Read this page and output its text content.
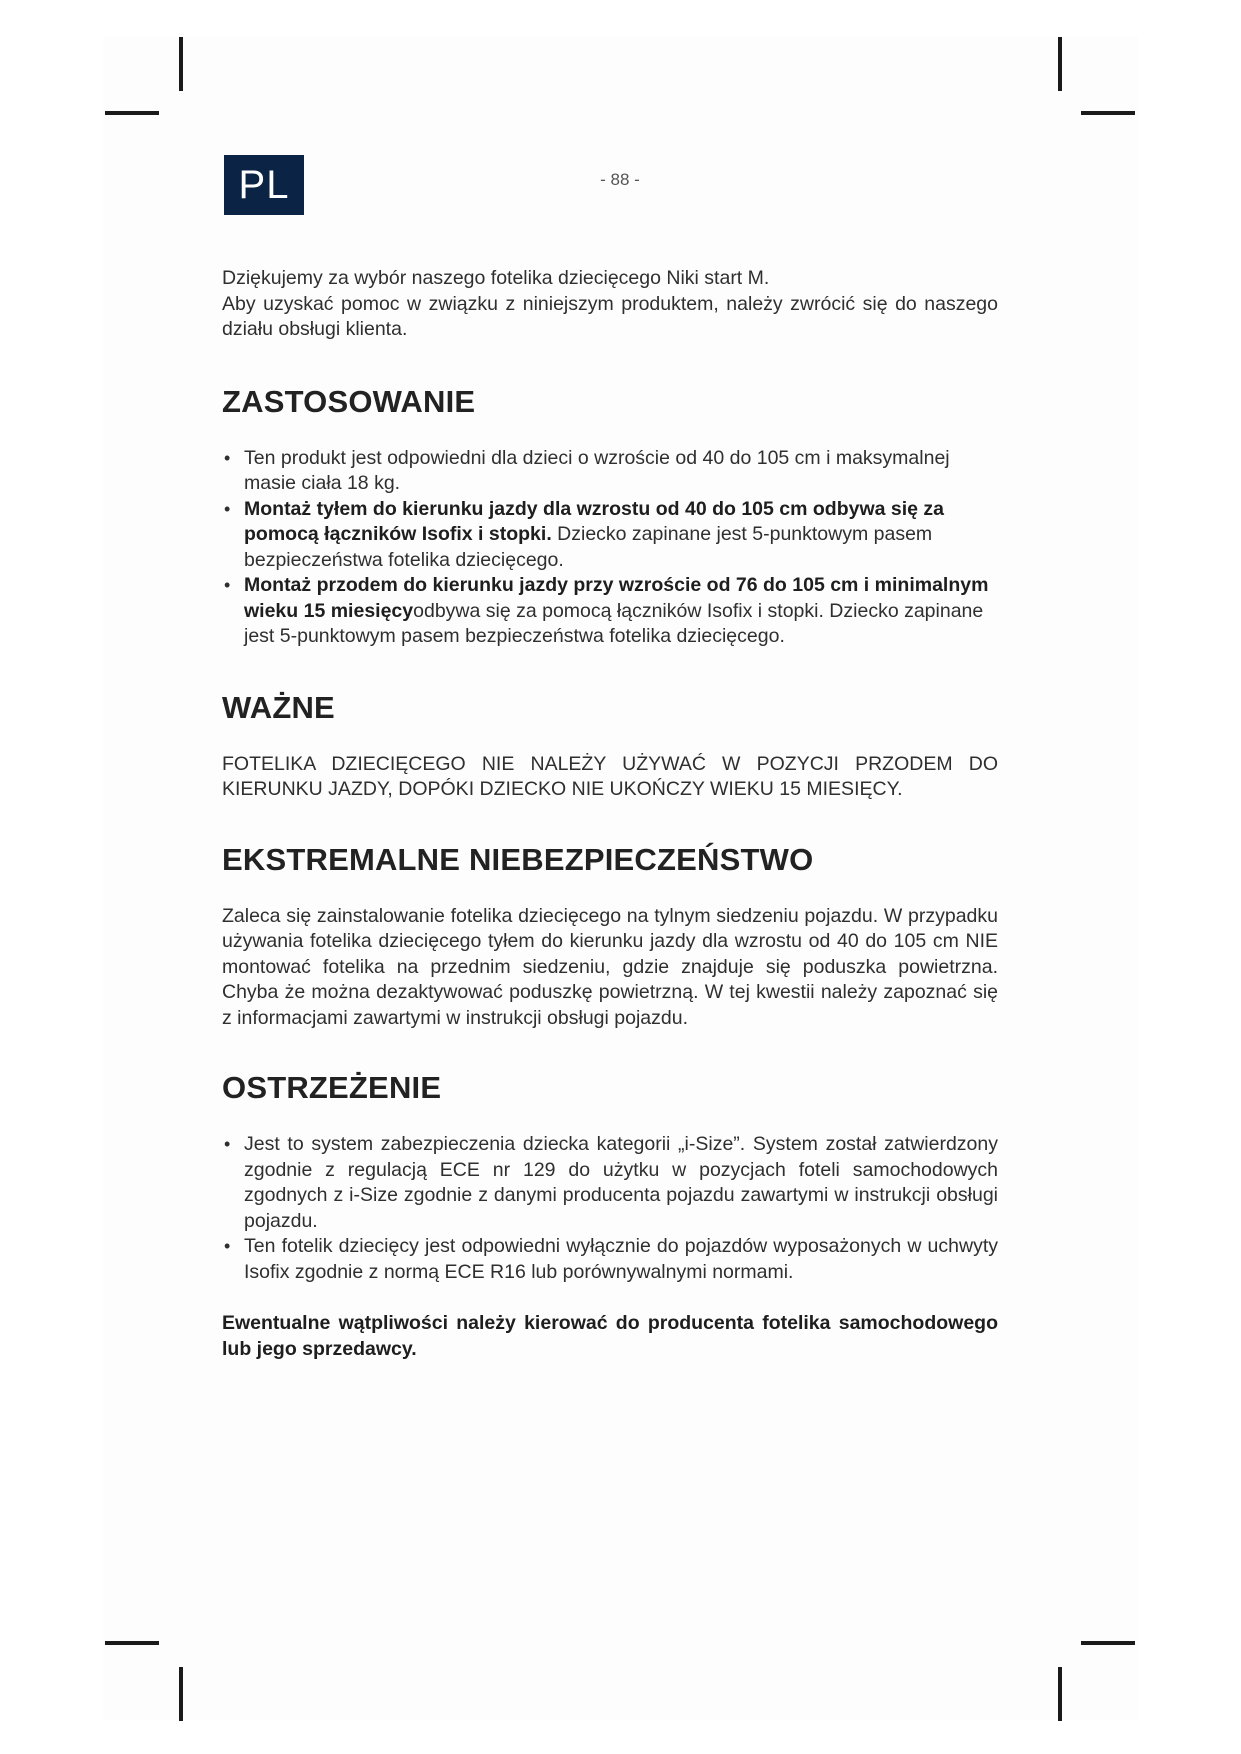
PL	- 88 -

Dziękujemy za wybór naszego fotelika dziecięcego Niki start M.

Aby uzyskać pomoc w związku z niniejszym produktem, należy zwrócić się do naszego działu obsługi klienta.

ZASTOSOWANIE
• Ten produkt jest odpowiedni dla dzieci o wzroście od 40 do 105 cm i maksymalnej masie ciała 18 kg.
• Montaż tyłem do kierunku jazdy dla wzrostu od 40 do 105 cm odbywa się za pomocą łączników Isofix i stopki. Dziecko zapinane jest 5-punktowym pasem bezpieczeństwa fotelika dziecięcego.
• Montaż przodem do kierunku jazdy przy wzroście od 76 do 105 cm i minimalnym wieku 15 miesięcyodbywa się za pomocą łączników Isofix i stopki. Dziecko zapinane jest 5-punktowym pasem bezpieczeństwa fotelika dziecięcego.
WAŻNE

FOTELIKA DZIECIĘCEGO NIE NALEŻY UŻYWAĆ W POZYCJI PRZODEM DO KIERUNKU JAZDY, DOPÓKI DZIECKO NIE UKOŃCZY WIEKU 15 MIESIĘCY.

EKSTREMALNE NIEBEZPIECZEŃSTWO

Zaleca się zainstalowanie fotelika dziecięcego na tylnym siedzeniu pojazdu. W przypadku używania fotelika dziecięcego tyłem do kierunku jazdy dla wzrostu od 40 do 105 cm NIE montować fotelika na przednim siedzeniu, gdzie znajduje się poduszka powietrzna. Chyba że można dezaktywować poduszkę powietrzną. W tej kwestii należy zapoznać się z informacjami zawartymi w instrukcji obsługi pojazdu.

OSTRZEŻENIE
• Jest to system zabezpieczenia dziecka kategorii „i-Size”. System został zatwierdzony zgodnie z regulacją ECE nr 129 do użytku w pozycjach foteli samochodowych zgodnych z i-Size zgodnie z danymi producenta pojazdu zawartymi w instrukcji obsługi pojazdu.
• Ten fotelik dziecięcy jest odpowiedni wyłącznie do pojazdów wyposażonych w uchwyty Isofix zgodnie z normą ECE R16 lub porównywalnymi normami.

Ewentualne wątpliwości należy kierować do producenta fotelika samochodowego lub jego sprzedawcy.
